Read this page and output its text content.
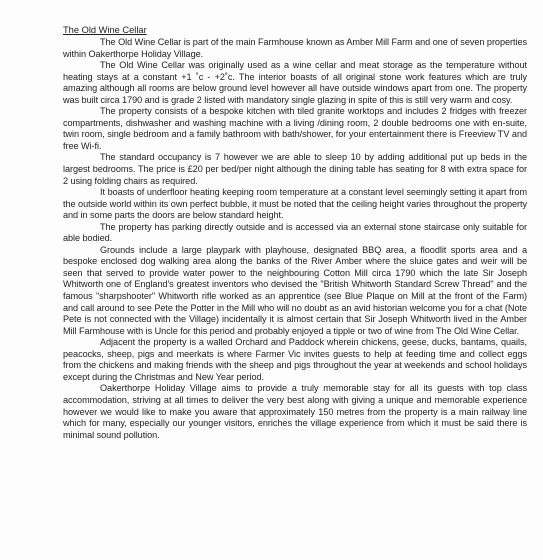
The Old Wine Cellar

The Old Wine Cellar is part of the main Farmhouse known as Amber Mill Farm and one of seven properties within Oakerthorpe Holiday Village.

The Old Wine Cellar was originally used as a wine cellar and meat storage as the temperature without heating stays at a constant +1 ˚c - +2˚c. The interior boasts of all original stone work features which are truly amazing although all rooms are below ground level however all have outside windows apart from one. The property was built circa 1790 and is grade 2 listed with mandatory single glazing in spite of this is still very warm and cosy.

The property consists of a bespoke kitchen with tiled granite worktops and includes 2 fridges with freezer compartments, dishwasher and washing machine with a living /dining room, 2 double bedrooms one with en-suite, twin room, single bedroom and a family bathroom with bath/shower, for your entertainment there is Freeview TV and free Wi-fi.

The standard occupancy is 7 however we are able to sleep 10 by adding additional put up beds in the largest bedrooms. The price is £20 per bed/per night although the dining table has seating for 8 with extra space for 2 using folding chairs as required.

It boasts of underfloor heating keeping room temperature at a constant level seemingly setting it apart from the outside world within its own perfect bubble, it must be noted that the ceiling height varies throughout the property and in some parts the doors are below standard height.

The property has parking directly outside and is accessed via an external stone staircase only suitable for able bodied.

Grounds include a large playpark with playhouse, designated BBQ area, a floodlit sports area and a bespoke enclosed dog walking area along the banks of the River Amber where the sluice gates and weir will be seen that served to provide water power to the neighbouring Cotton Mill circa 1790 which the late Sir Joseph Whitworth one of England's greatest inventors who devised the "British Whitworth Standard Screw Thread" and the famous "sharpshooter" Whitworth rifle worked as an apprentice (see Blue Plaque on Mill at the front of the Farm) and call around to see Pete the Potter in the Mill who will no doubt as an avid historian welcome you for a chat (Note Pete is not connected with the Village) incidentally it is almost certain that Sir Joseph Whitworth lived in the Amber Mill Farmhouse with is Uncle for this period and probably enjoyed a tipple or two of wine from The Old Wine Cellar.

Adjacent the property is a walled Orchard and Paddock wherein chickens, geese, ducks, bantams, quails, peacocks, sheep, pigs and meerkats is where Farmer Vic invites guests to help at feeding time and collect eggs from the chickens and making friends with the sheep and pigs throughout the year at weekends and school holidays except during the Christmas and New Year period.

Oakerthorpe Holiday Village aims to provide a truly memorable stay for all its guests with top class accommodation, striving at all times to deliver the very best along with giving a unique and memorable experience however we would like to make you aware that approximately 150 metres from the property is a main railway line which for many, especially our younger visitors, enriches the village experience from which it must be said there is minimal sound pollution.
